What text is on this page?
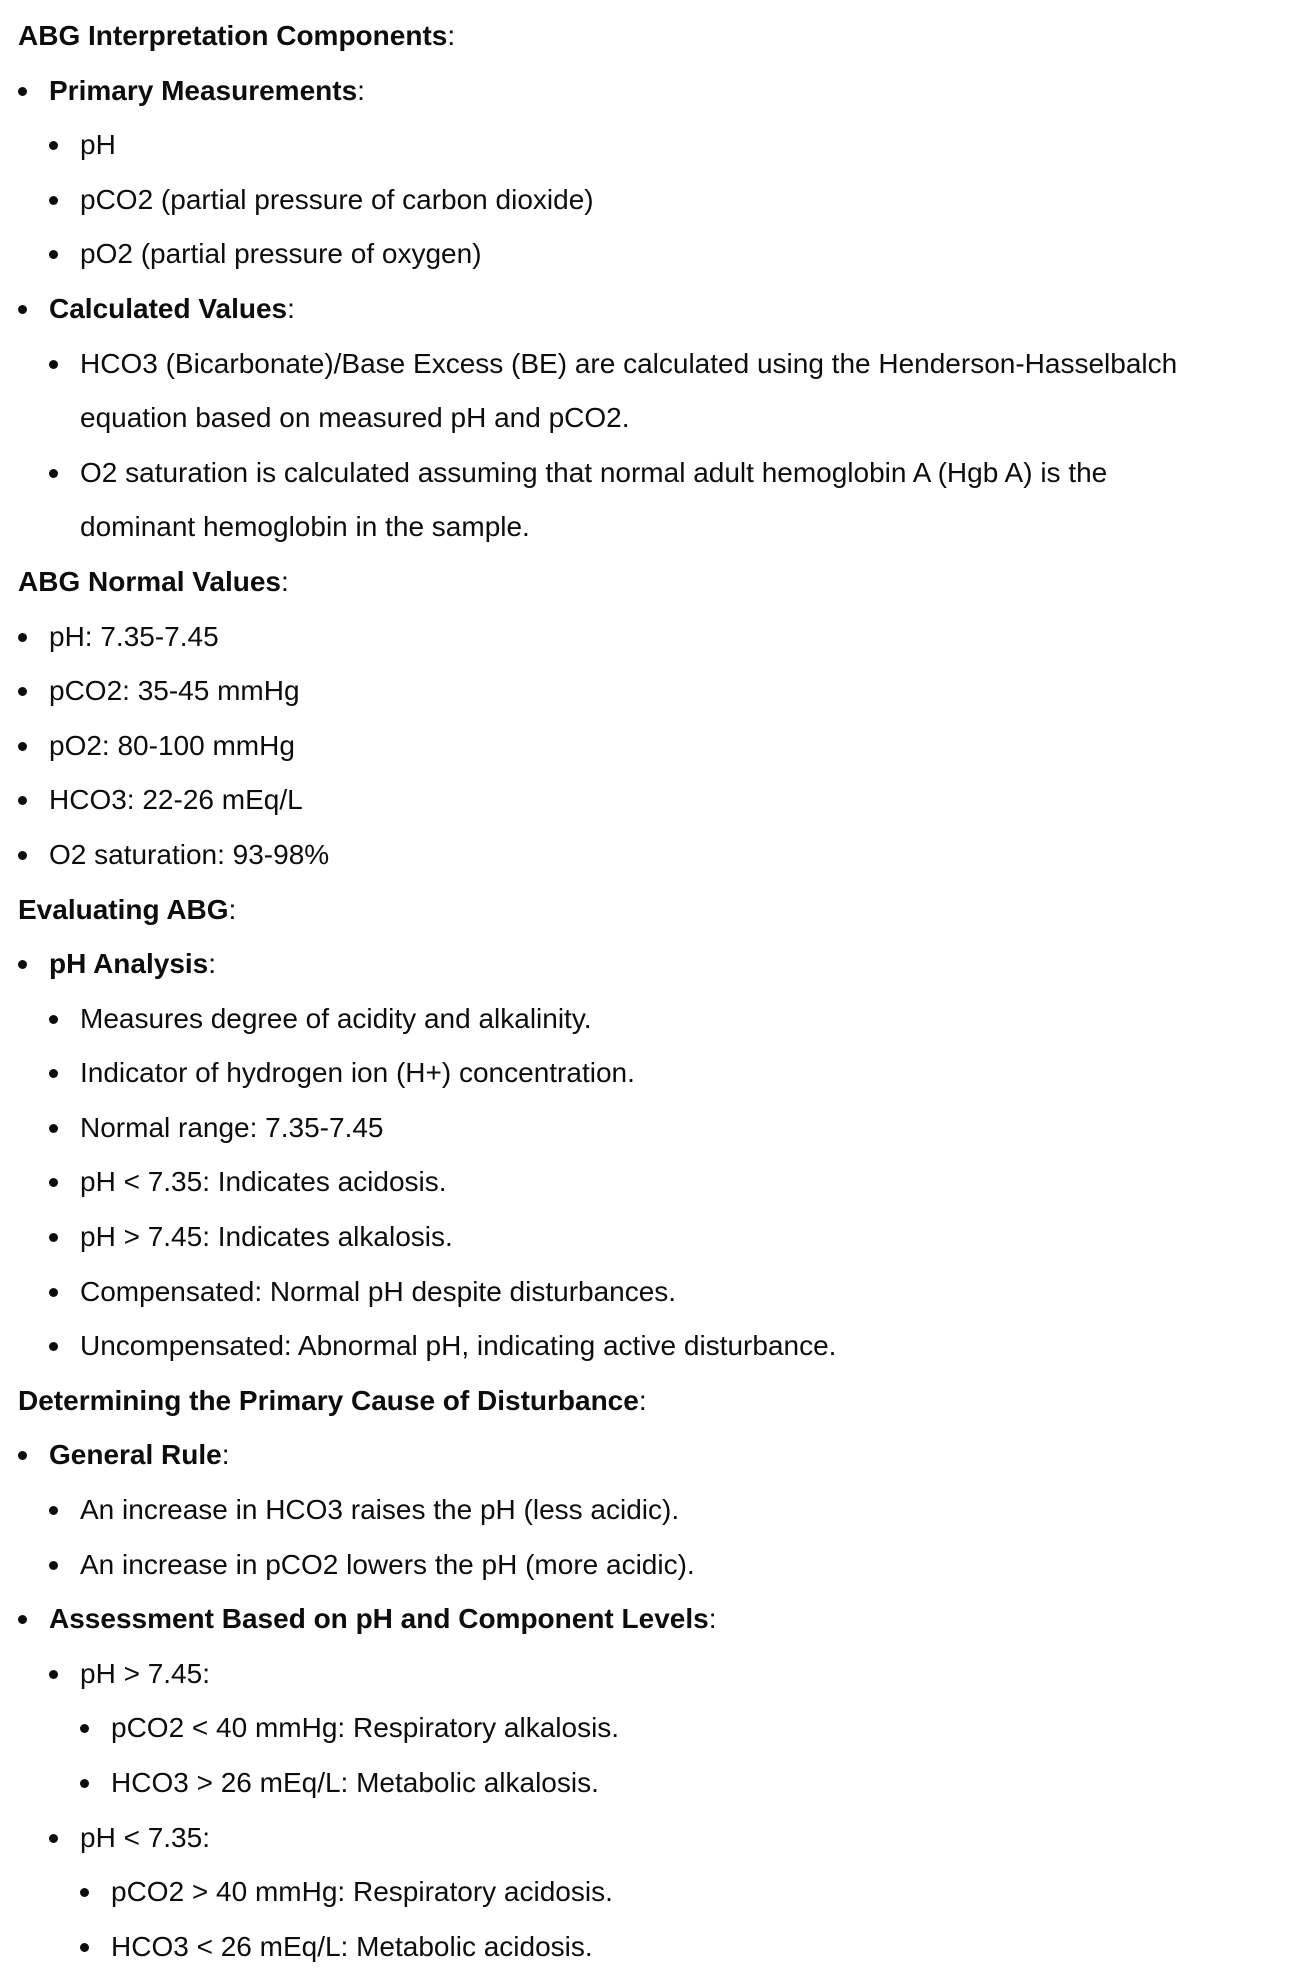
ABG Interpretation Components:
Primary Measurements:
pH
pCO2 (partial pressure of carbon dioxide)
pO2 (partial pressure of oxygen)
Calculated Values:
HCO3 (Bicarbonate)/Base Excess (BE) are calculated using the Henderson-Hasselbalch
equation based on measured pH and pCO2.
O2 saturation is calculated assuming that normal adult hemoglobin A (Hgb A) is the
dominant hemoglobin in the sample.
ABG Normal Values:
pH: 7.35-7.45
pCO2: 35-45 mmHg
pO2: 80-100 mmHg
HCO3: 22-26 mEq/L
O2 saturation: 93-98%
Evaluating ABG:
pH Analysis:
Measures degree of acidity and alkalinity.
Indicator of hydrogen ion (H+) concentration.
Normal range: 7.35-7.45
pH < 7.35: Indicates acidosis.
pH > 7.45: Indicates alkalosis.
Compensated: Normal pH despite disturbances.
Uncompensated: Abnormal pH, indicating active disturbance.
Determining the Primary Cause of Disturbance:
General Rule:
An increase in HCO3 raises the pH (less acidic).
An increase in pCO2 lowers the pH (more acidic).
Assessment Based on pH and Component Levels:
pH > 7.45:
pCO2 < 40 mmHg: Respiratory alkalosis.
HCO3 > 26 mEq/L: Metabolic alkalosis.
pH < 7.35:
pCO2 > 40 mmHg: Respiratory acidosis.
HCO3 < 26 mEq/L: Metabolic acidosis.
